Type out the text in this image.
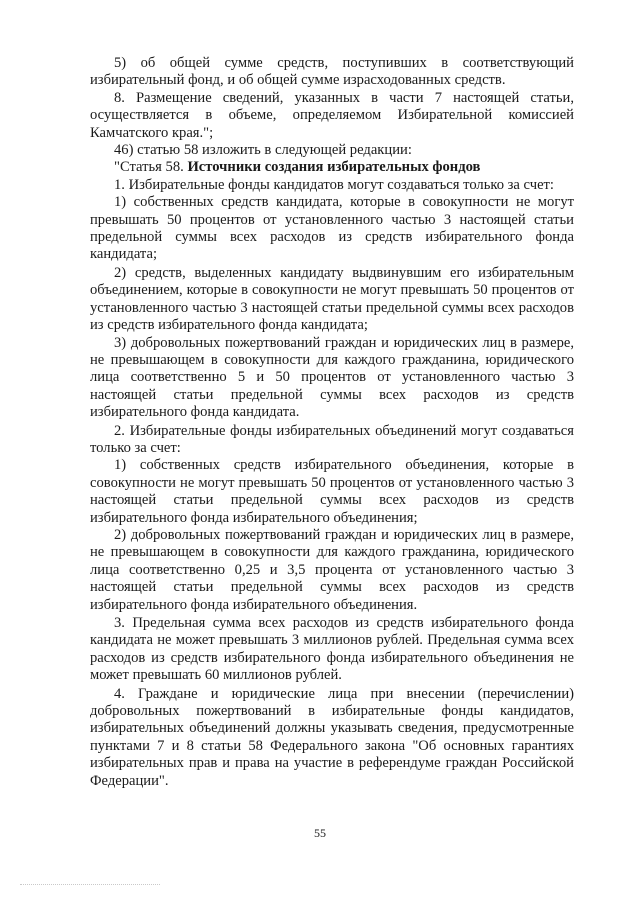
5) об общей сумме средств, поступивших в соответствующий избирательный фонд, и об общей сумме израсходованных средств.

8. Размещение сведений, указанных в части 7 настоящей статьи, осуществляется в объеме, определяемом Избирательной комиссией Камчатского края.";

46) статью 58 изложить в следующей редакции:

"Статья 58. Источники создания избирательных фондов

1. Избирательные фонды кандидатов могут создаваться только за счет:

1) собственных средств кандидата, которые в совокупности не могут превышать 50 процентов от установленного частью 3 настоящей статьи предельной суммы всех расходов из средств избирательного фонда кандидата;

2) средств, выделенных кандидату выдвинувшим его избирательным объединением, которые в совокупности не могут превышать 50 процентов от установленного частью 3 настоящей статьи предельной суммы всех расходов из средств избирательного фонда кандидата;

3) добровольных пожертвований граждан и юридических лиц в размере, не превышающем в совокупности для каждого гражданина, юридического лица соответственно 5 и 50 процентов от установленного частью 3 настоящей статьи предельной суммы всех расходов из средств избирательного фонда кандидата.

2. Избирательные фонды избирательных объединений могут создаваться только за счет:

1) собственных средств избирательного объединения, которые в совокупности не могут превышать 50 процентов от установленного частью 3 настоящей статьи предельной суммы всех расходов из средств избирательного фонда избирательного объединения;

2) добровольных пожертвований граждан и юридических лиц в размере, не превышающем в совокупности для каждого гражданина, юридического лица соответственно 0,25 и 3,5 процента от установленного частью 3 настоящей статьи предельной суммы всех расходов из средств избирательного фонда избирательного объединения.

3. Предельная сумма всех расходов из средств избирательного фонда кандидата не может превышать 3 миллионов рублей. Предельная сумма всех расходов из средств избирательного фонда избирательного объединения не может превышать 60 миллионов рублей.

4. Граждане и юридические лица при внесении (перечислении) добровольных пожертвований в избирательные фонды кандидатов, избирательных объединений должны указывать сведения, предусмотренные пунктами 7 и 8 статьи 58 Федерального закона "Об основных гарантиях избирательных прав и права на участие в референдуме граждан Российской Федерации".

55
